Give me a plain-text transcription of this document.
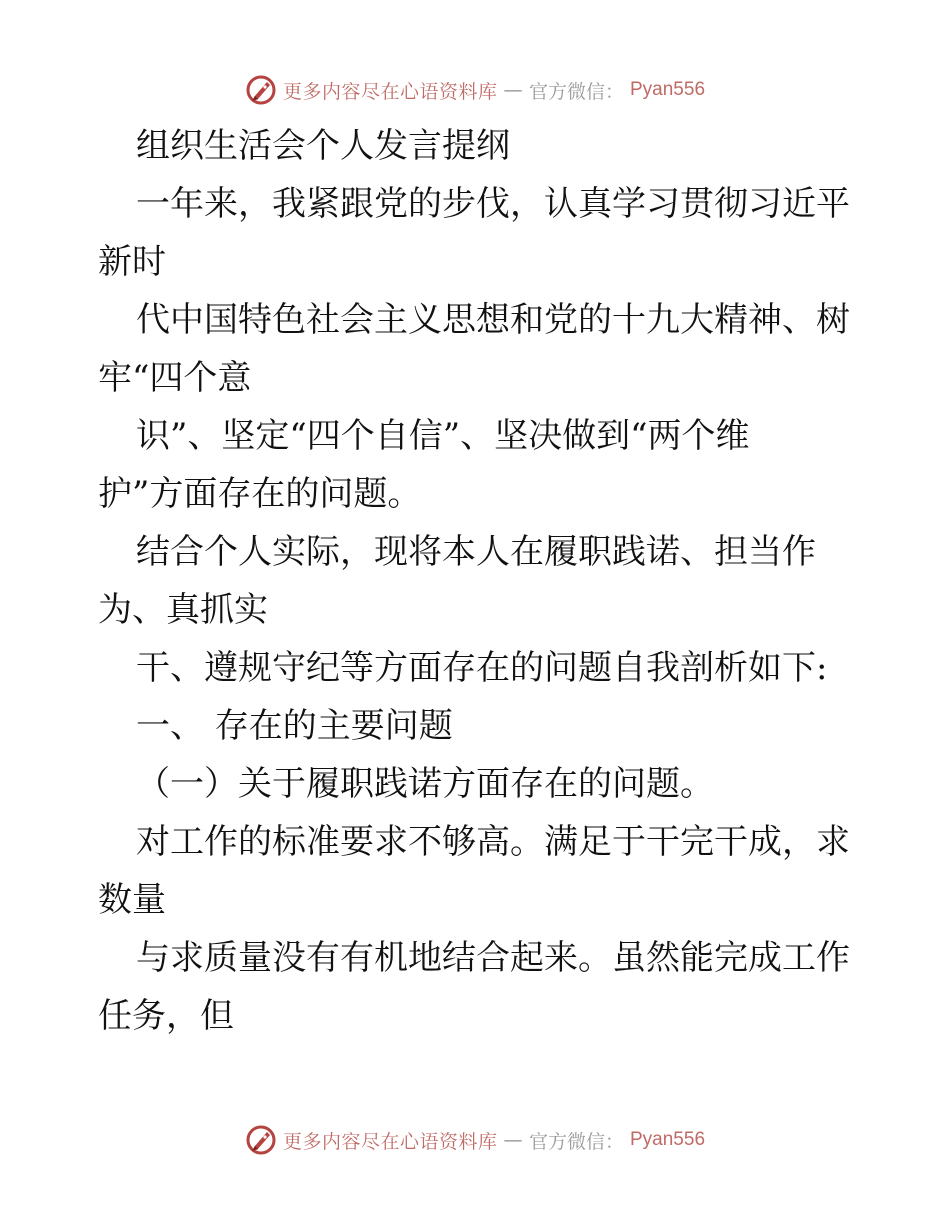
更多内容尽在心语资料库 — 官方微信： Pyan556
组织生活会个人发言提纲
一年来，我紧跟党的步伐，认真学习贯彻习近平
新时
代中国特色社会主义思想和党的十九大精神、树
牢“四个意
识”、坚定“四个自信”、坚决做到“两个维
护”方面存在的问题。
结合个人实际，现将本人在履职践诺、担当作
为、真抓实
干、遵规守纪等方面存在的问题自我剖析如下:
一、 存在的主要问题
（一）关于履职践诺方面存在的问题。
对工作的标准要求不够高。满足于干完干成，求
数量
与求质量没有有机地结合起来。虽然能完成工作
任务，但
更多内容尽在心语资料库 — 官方微信： Pyan556
